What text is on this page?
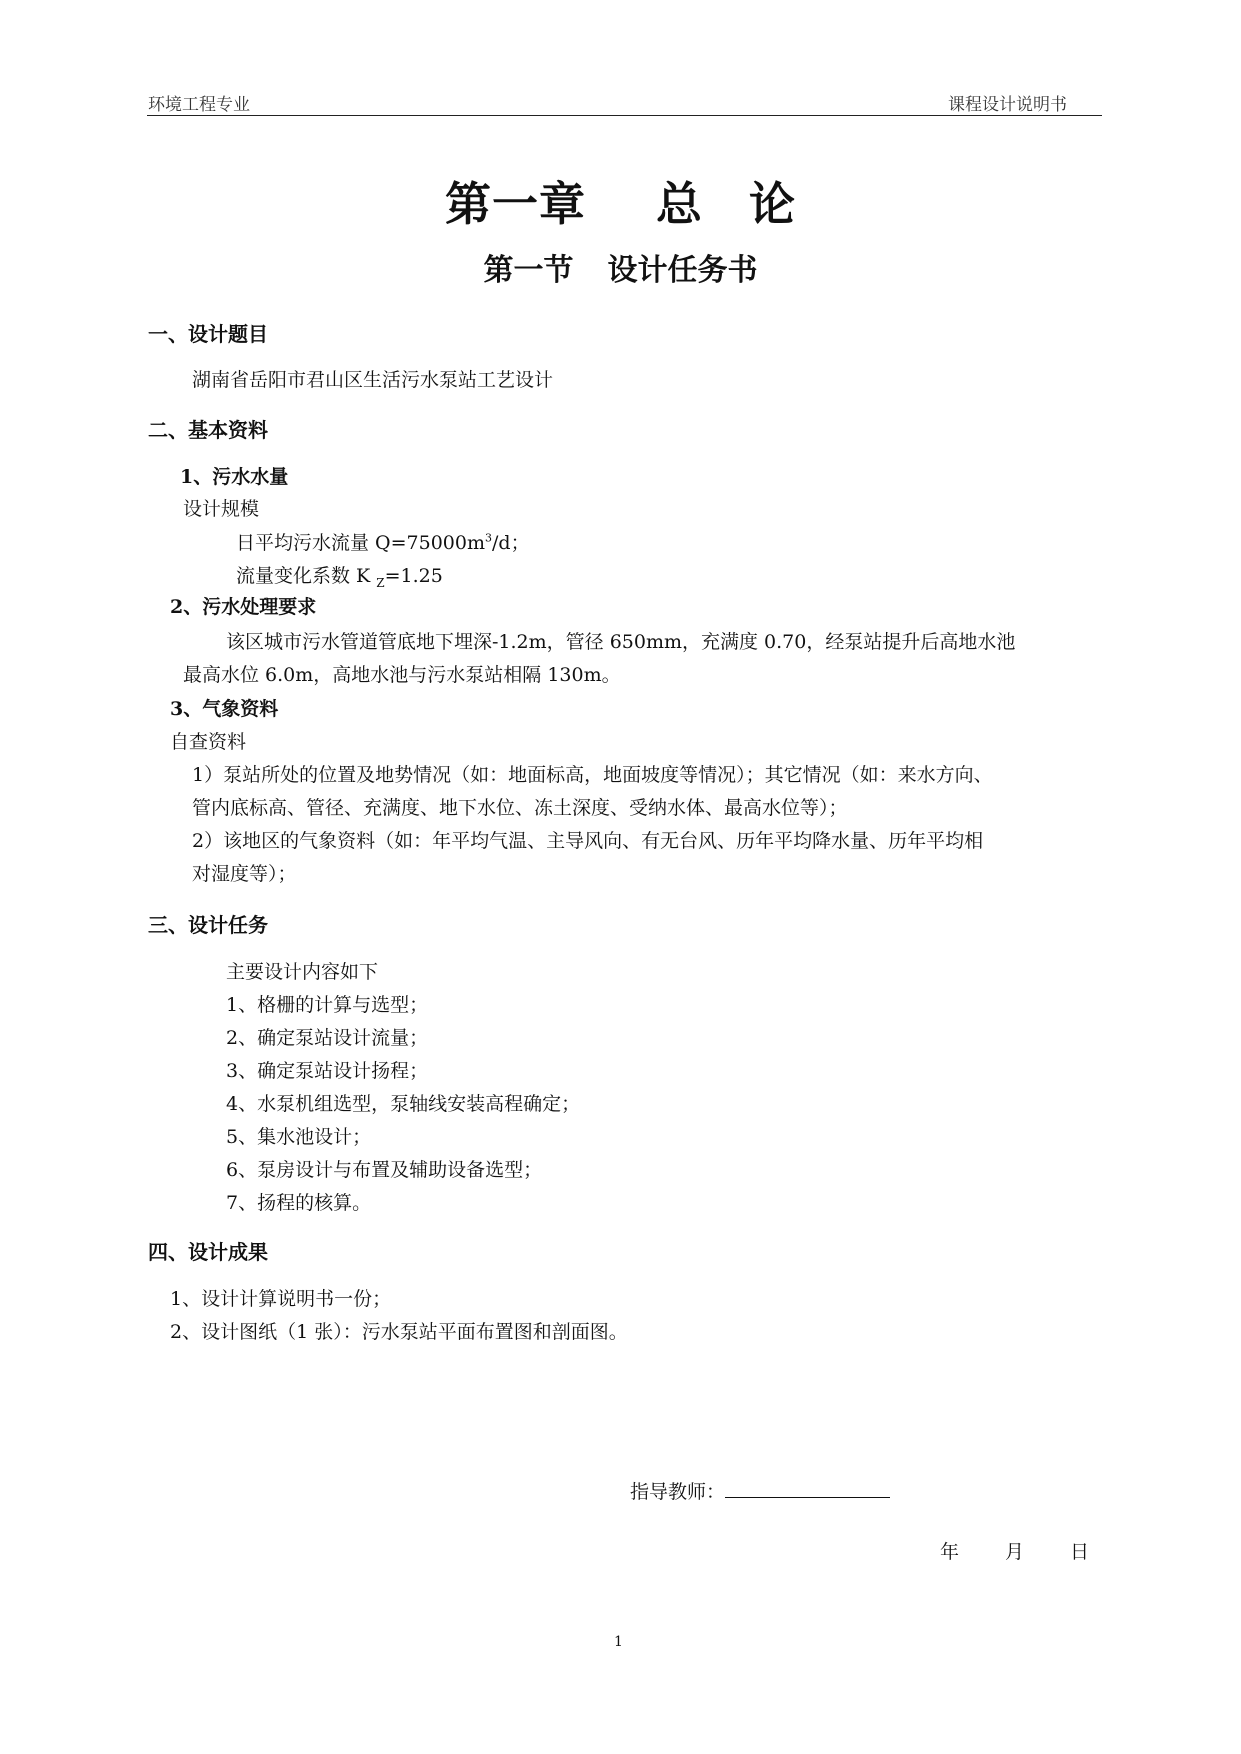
环境工程专业	课程设计说明书
第一章 总 论
第一节 设计任务书
一、设计题目
湖南省岳阳市君山区生活污水泵站工艺设计
二、基本资料
1、污水水量
设计规模
日平均污水流量 $Q=75000m^3/d$；
流量变化系数 K $_Z$=1.25
2、污水处理要求
该区城市污水管道管底地下埋深-1.2m，管径 650mm，充满度 0.70，经泵站提升后高地水池
最高水位 6.0m，高地水池与污水泵站相隔 130m。
3、气象资料
自查资料
1）泵站所处的位置及地势情况（如：地面标高，地面坡度等情况）；其它情况（如：来水方向、
管内底标高、管径、充满度、地下水位、冻土深度、受纳水体、最高水位等）；
2）该地区的气象资料（如：年平均气温、主导风向、有无台风、历年平均降水量、历年平均相
对湿度等）；
三、设计任务
主要设计内容如下
1、格栅的计算与选型；
2、确定泵站设计流量；
3、确定泵站设计扬程；
4、水泵机组选型，泵轴线安装高程确定；
5、集水池设计；
6、泵房设计与布置及辅助设备选型；
7、扬程的核算。
四、设计成果
1、设计计算说明书一份；
2、设计图纸（1 张）：污水泵站平面布置图和剖面图。
指导教师：
年 月 日
1
